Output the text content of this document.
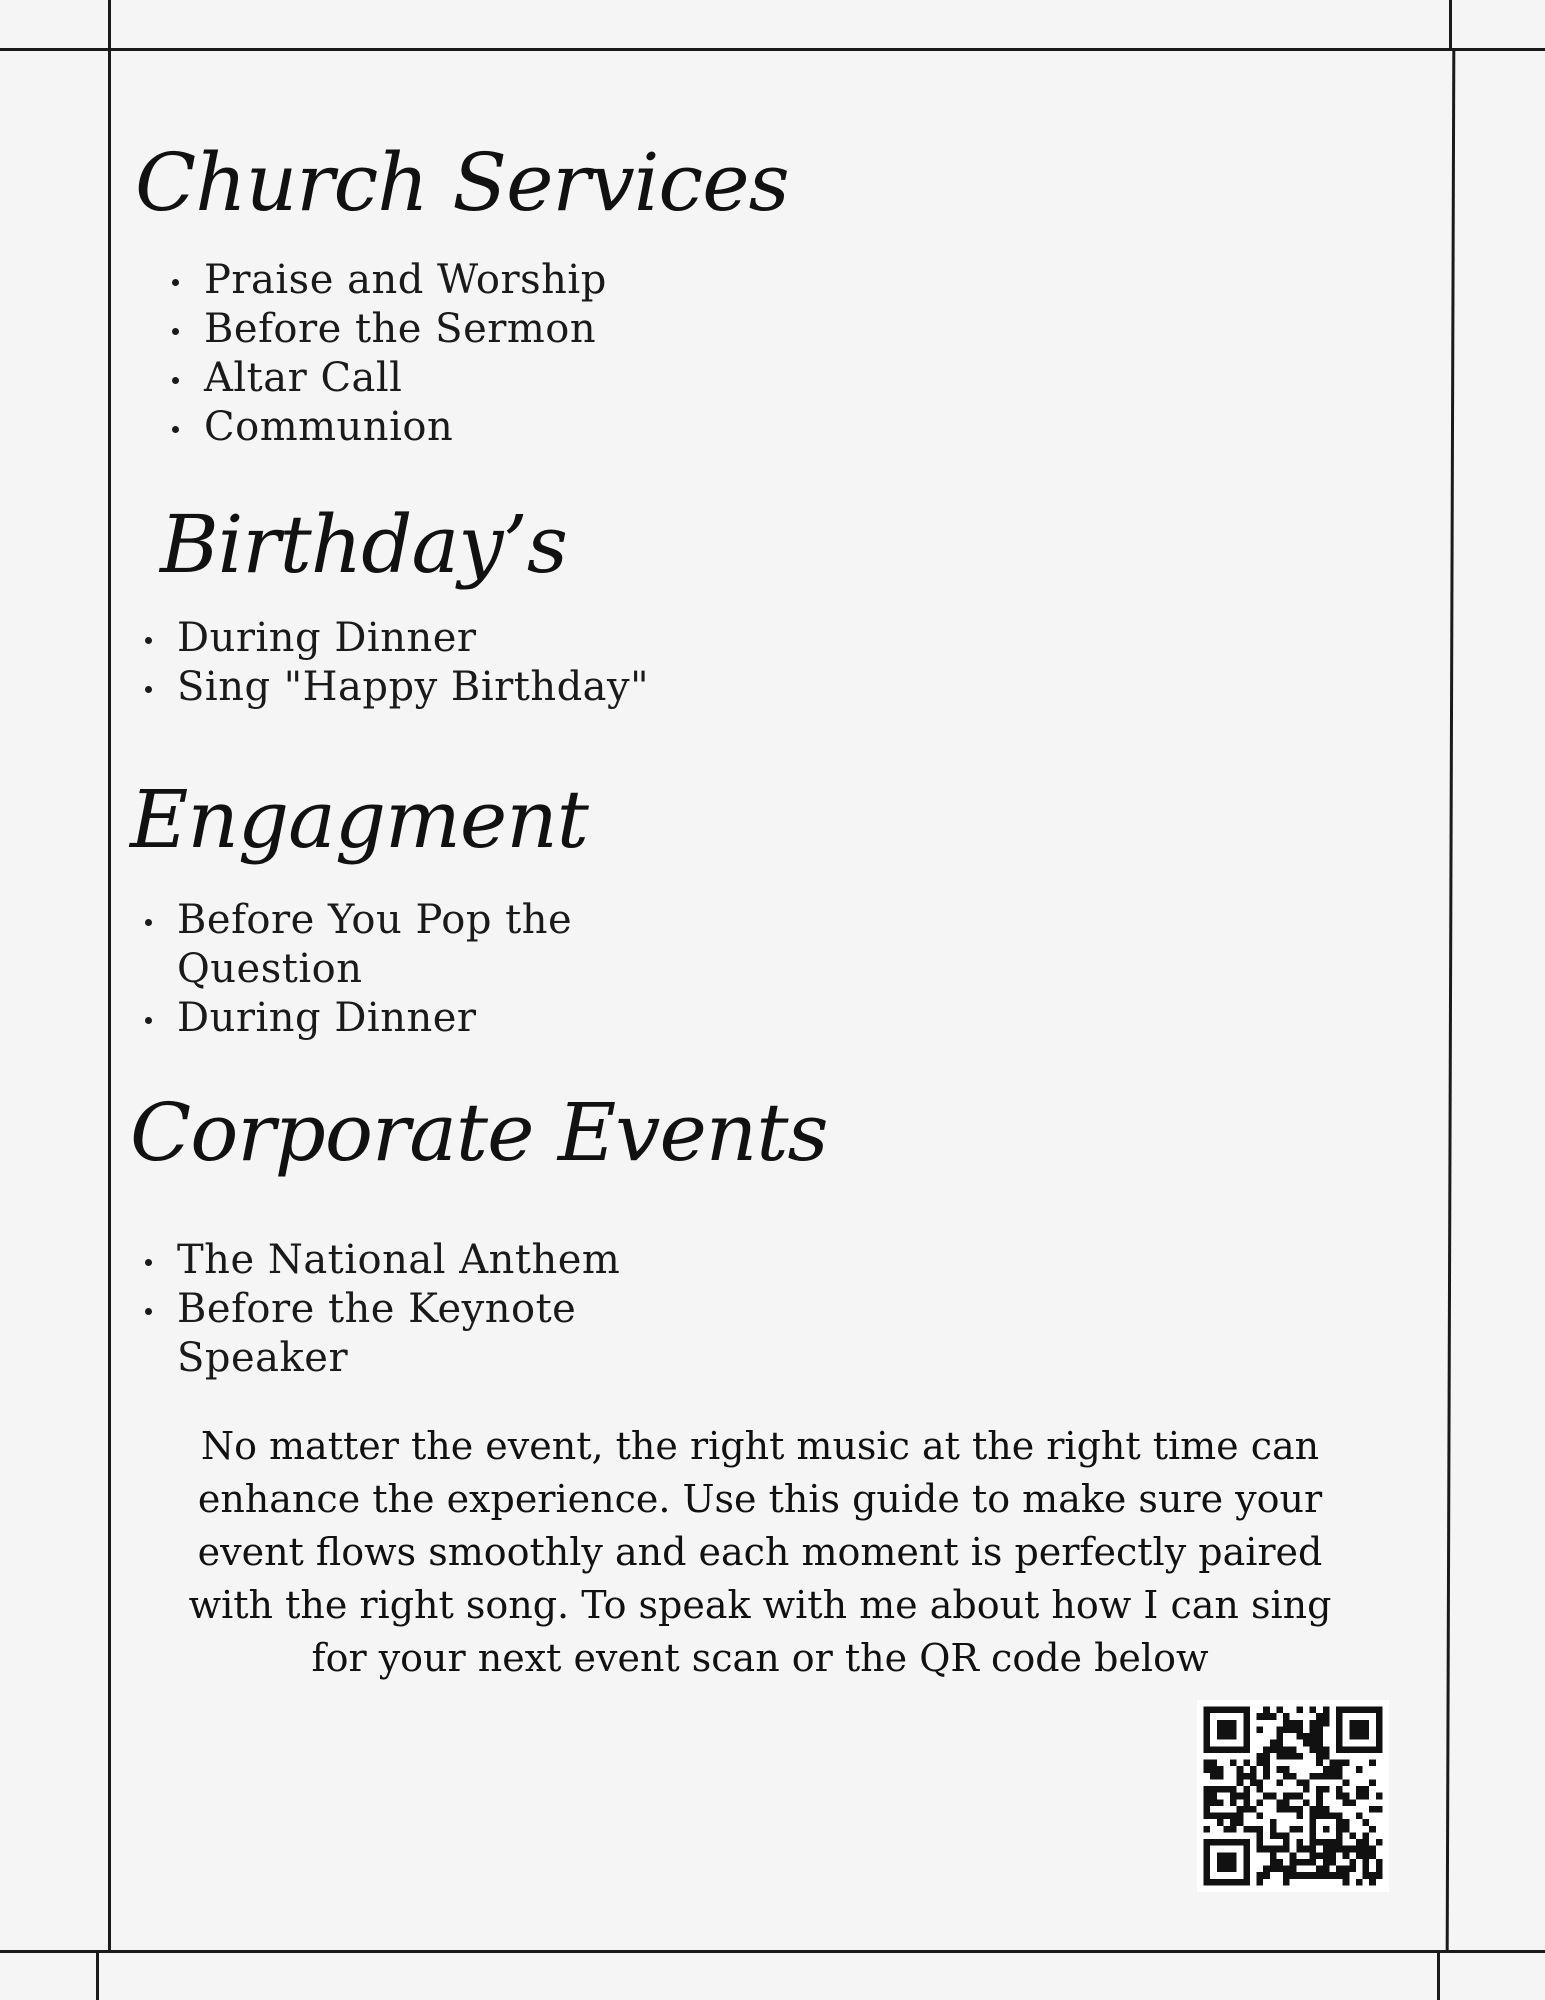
Church Services
Praise and Worship
Before the Sermon
Altar Call
Communion
Birthday’s
During Dinner
Sing "Happy Birthday"
Engagment
Before You Pop the Question
During Dinner
Corporate Events
The National Anthem
Before the Keynote Speaker

No matter the event, the right music at the right time can enhance the experience. Use this guide to make sure your event flows smoothly and each moment is perfectly paired with the right song. To speak with me about how I can sing for your next event scan or the QR code below
